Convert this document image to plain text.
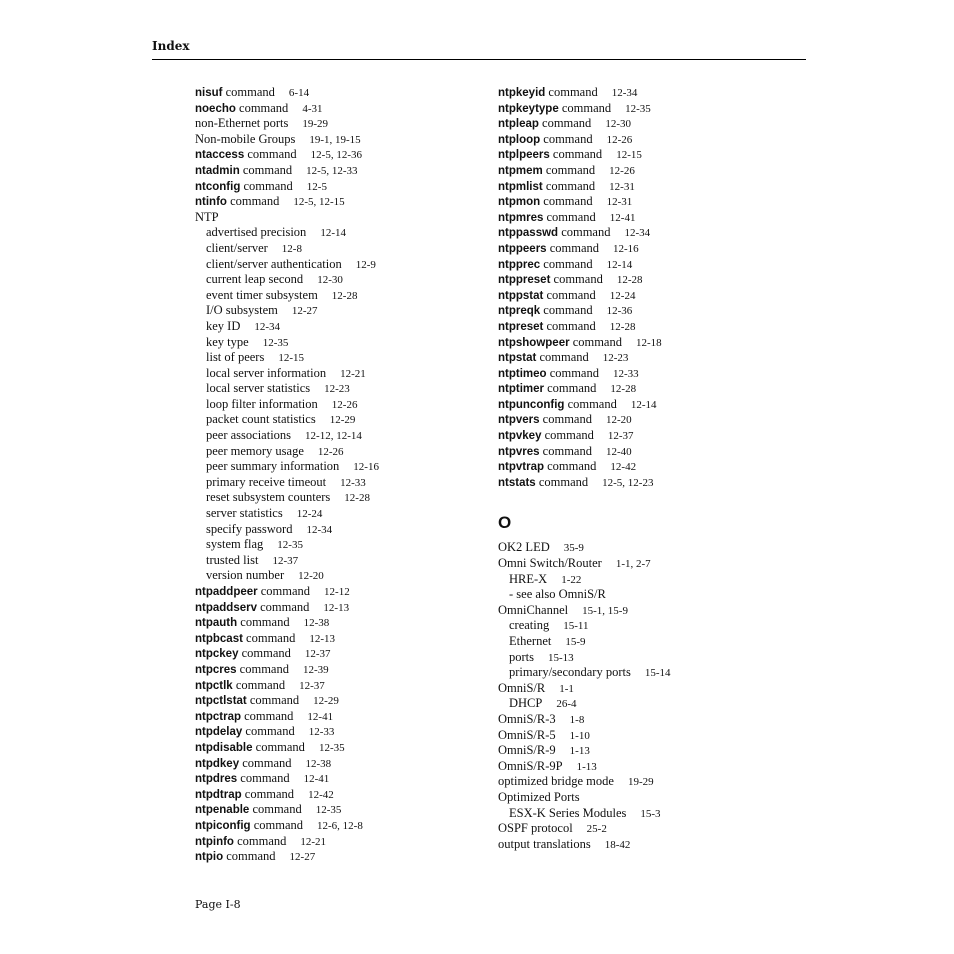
Index
nisuf command 6-14
noecho command 4-31
non-Ethernet ports 19-29
Non-mobile Groups 19-1, 19-15
ntaccess command 12-5, 12-36
ntadmin command 12-5, 12-33
ntconfig command 12-5
ntinfo command 12-5, 12-15
NTP
advertised precision 12-14
client/server 12-8
client/server authentication 12-9
current leap second 12-30
event timer subsystem 12-28
I/O subsystem 12-27
key ID 12-34
key type 12-35
list of peers 12-15
local server information 12-21
local server statistics 12-23
loop filter information 12-26
packet count statistics 12-29
peer associations 12-12, 12-14
peer memory usage 12-26
peer summary information 12-16
primary receive timeout 12-33
reset subsystem counters 12-28
server statistics 12-24
specify password 12-34
system flag 12-35
trusted list 12-37
version number 12-20
ntpaddpeer command 12-12
ntpaddserv command 12-13
ntpauth command 12-38
ntpbcast command 12-13
ntpckey command 12-37
ntpcres command 12-39
ntpctlk command 12-37
ntpctlstat command 12-29
ntpctrap command 12-41
ntpdelay command 12-33
ntpdisable command 12-35
ntpdkey command 12-38
ntpdres command 12-41
ntpdtrap command 12-42
ntpenable command 12-35
ntpiconfig command 12-6, 12-8
ntpinfo command 12-21
ntpio command 12-27
ntpkeyid command 12-34
ntpkeytype command 12-35
ntpleap command 12-30
ntploop command 12-26
ntplpeers command 12-15
ntpmem command 12-26
ntpmlist command 12-31
ntpmon command 12-31
ntpmres command 12-41
ntppasswd command 12-34
ntppeers command 12-16
ntpprec command 12-14
ntppreset command 12-28
ntppstat command 12-24
ntpreqk command 12-36
ntpreset command 12-28
ntpshowpeer command 12-18
ntpstat command 12-23
ntptimeo command 12-33
ntptimer command 12-28
ntpunconfig command 12-14
ntpvers command 12-20
ntpvkey command 12-37
ntpvres command 12-40
ntpvtrap command 12-42
ntstats command 12-5, 12-23
O
OK2 LED 35-9
Omni Switch/Router 1-1, 2-7
HRE-X 1-22
- see also OmniS/R
OmniChannel 15-1, 15-9
creating 15-11
Ethernet 15-9
ports 15-13
primary/secondary ports 15-14
OmniS/R 1-1
DHCP 26-4
OmniS/R-3 1-8
OmniS/R-5 1-10
OmniS/R-9 1-13
OmniS/R-9P 1-13
optimized bridge mode 19-29
Optimized Ports
ESX-K Series Modules 15-3
OSPF protocol 25-2
output translations 18-42
Page I-8
